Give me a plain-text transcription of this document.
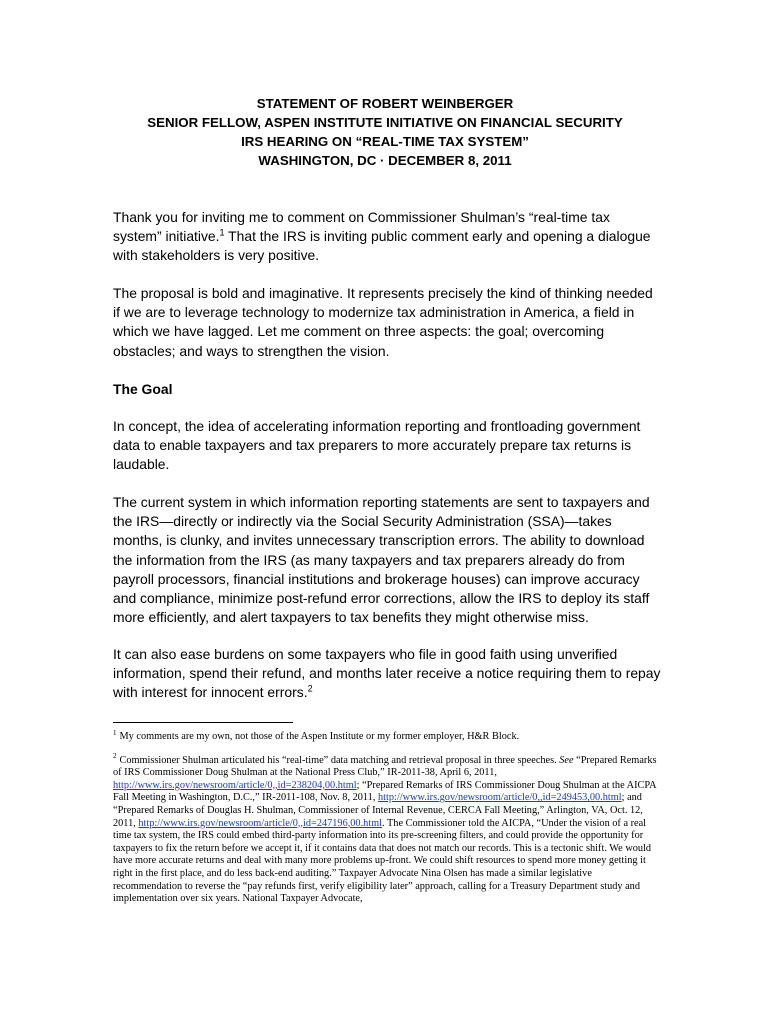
STATEMENT OF ROBERT WEINBERGER
SENIOR FELLOW, ASPEN INSTITUTE INITIATIVE ON FINANCIAL SECURITY
IRS HEARING ON “REAL-TIME TAX SYSTEM”
WASHINGTON, DC · DECEMBER 8, 2011
Thank you for inviting me to comment on Commissioner Shulman’s “real-time tax system” initiative.$^1$ That the IRS is inviting public comment early and opening a dialogue with stakeholders is very positive.
The proposal is bold and imaginative. It represents precisely the kind of thinking needed if we are to leverage technology to modernize tax administration in America, a field in which we have lagged. Let me comment on three aspects: the goal; overcoming obstacles; and ways to strengthen the vision.
The Goal
In concept, the idea of accelerating information reporting and frontloading government data to enable taxpayers and tax preparers to more accurately prepare tax returns is laudable.
The current system in which information reporting statements are sent to taxpayers and the IRS—directly or indirectly via the Social Security Administration (SSA)—takes months, is clunky, and invites unnecessary transcription errors. The ability to download the information from the IRS (as many taxpayers and tax preparers already do from payroll processors, financial institutions and brokerage houses) can improve accuracy and compliance, minimize post-refund error corrections, allow the IRS to deploy its staff more efficiently, and alert taxpayers to tax benefits they might otherwise miss.
It can also ease burdens on some taxpayers who file in good faith using unverified information, spend their refund, and months later receive a notice requiring them to repay with interest for innocent errors.$^2$
$^1$ My comments are my own, not those of the Aspen Institute or my former employer, H&R Block.
$^2$ Commissioner Shulman articulated his “real-time” data matching and retrieval proposal in three speeches. See “Prepared Remarks of IRS Commissioner Doug Shulman at the National Press Club,” IR-2011-38, April 6, 2011, http://www.irs.gov/newsroom/article/0,,id=238204,00.html; “Prepared Remarks of IRS Commissioner Doug Shulman at the AICPA Fall Meeting in Washington, D.C.,” IR-2011-108, Nov. 8, 2011, http://www.irs.gov/newsroom/article/0,,id=249453,00.html; and “Prepared Remarks of Douglas H. Shulman, Commissioner of Internal Revenue, CERCA Fall Meeting,” Arlington, VA, Oct. 12, 2011, http://www.irs.gov/newsroom/article/0,,id=247196,00.html. The Commissioner told the AICPA, “Under the vision of a real time tax system, the IRS could embed third-party information into its pre-screening filters, and could provide the opportunity for taxpayers to fix the return before we accept it, if it contains data that does not match our records. This is a tectonic shift. We would have more accurate returns and deal with many more problems up-front. We could shift resources to spend more money getting it right in the first place, and do less back-end auditing.” Taxpayer Advocate Nina Olsen has made a similar legislative recommendation to reverse the “pay refunds first, verify eligibility later” approach, calling for a Treasury Department study and implementation over six years. National Taxpayer Advocate,
